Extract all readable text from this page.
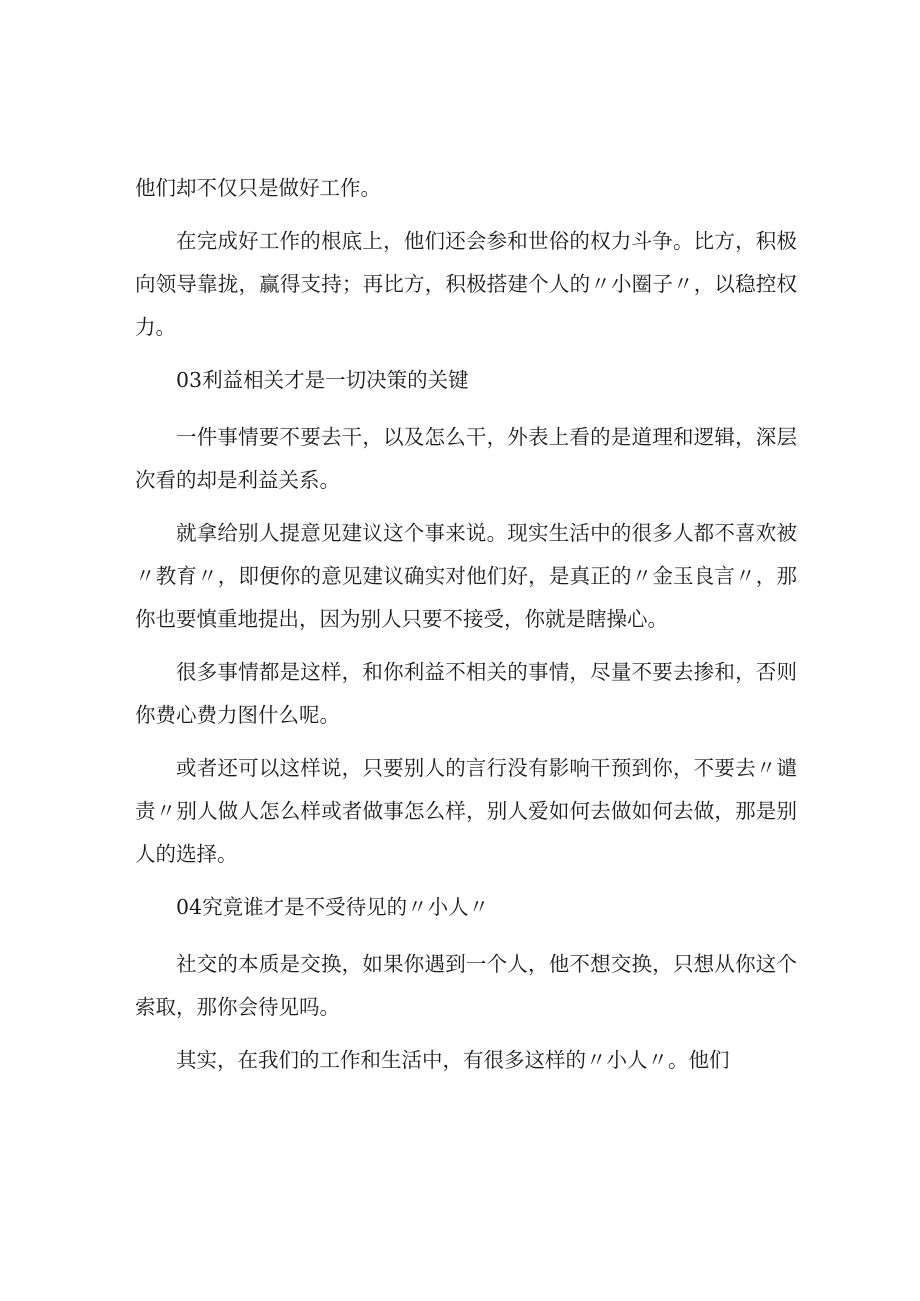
他们却不仅只是做好工作。

在完成好工作的根底上，他们还会参和世俗的权力斗争。比方，积极向领导靠拢，赢得支持；再比方，积极搭建个人的〃小圈子〃，以稳控权力。

03利益相关才是一切决策的关键

一件事情要不要去干，以及怎么干，外表上看的是道理和逻辑，深层次看的却是利益关系。

就拿给别人提意见建议这个事来说。现实生活中的很多人都不喜欢被〃教育〃，即便你的意见建议确实对他们好，是真正的〃金玉良言〃，那你也要慎重地提出，因为别人只要不接受，你就是瞎操心。

很多事情都是这样，和你利益不相关的事情，尽量不要去掺和，否则你费心费力图什么呢。

或者还可以这样说，只要别人的言行没有影响干预到你，不要去〃谴责〃别人做人怎么样或者做事怎么样，别人爱如何去做如何去做，那是别人的选择。

04究竟谁才是不受待见的〃小人〃

社交的本质是交换，如果你遇到一个人，他不想交换，只想从你这个索取，那你会待见吗。

其实，在我们的工作和生活中，有很多这样的〃小人〃。他们
